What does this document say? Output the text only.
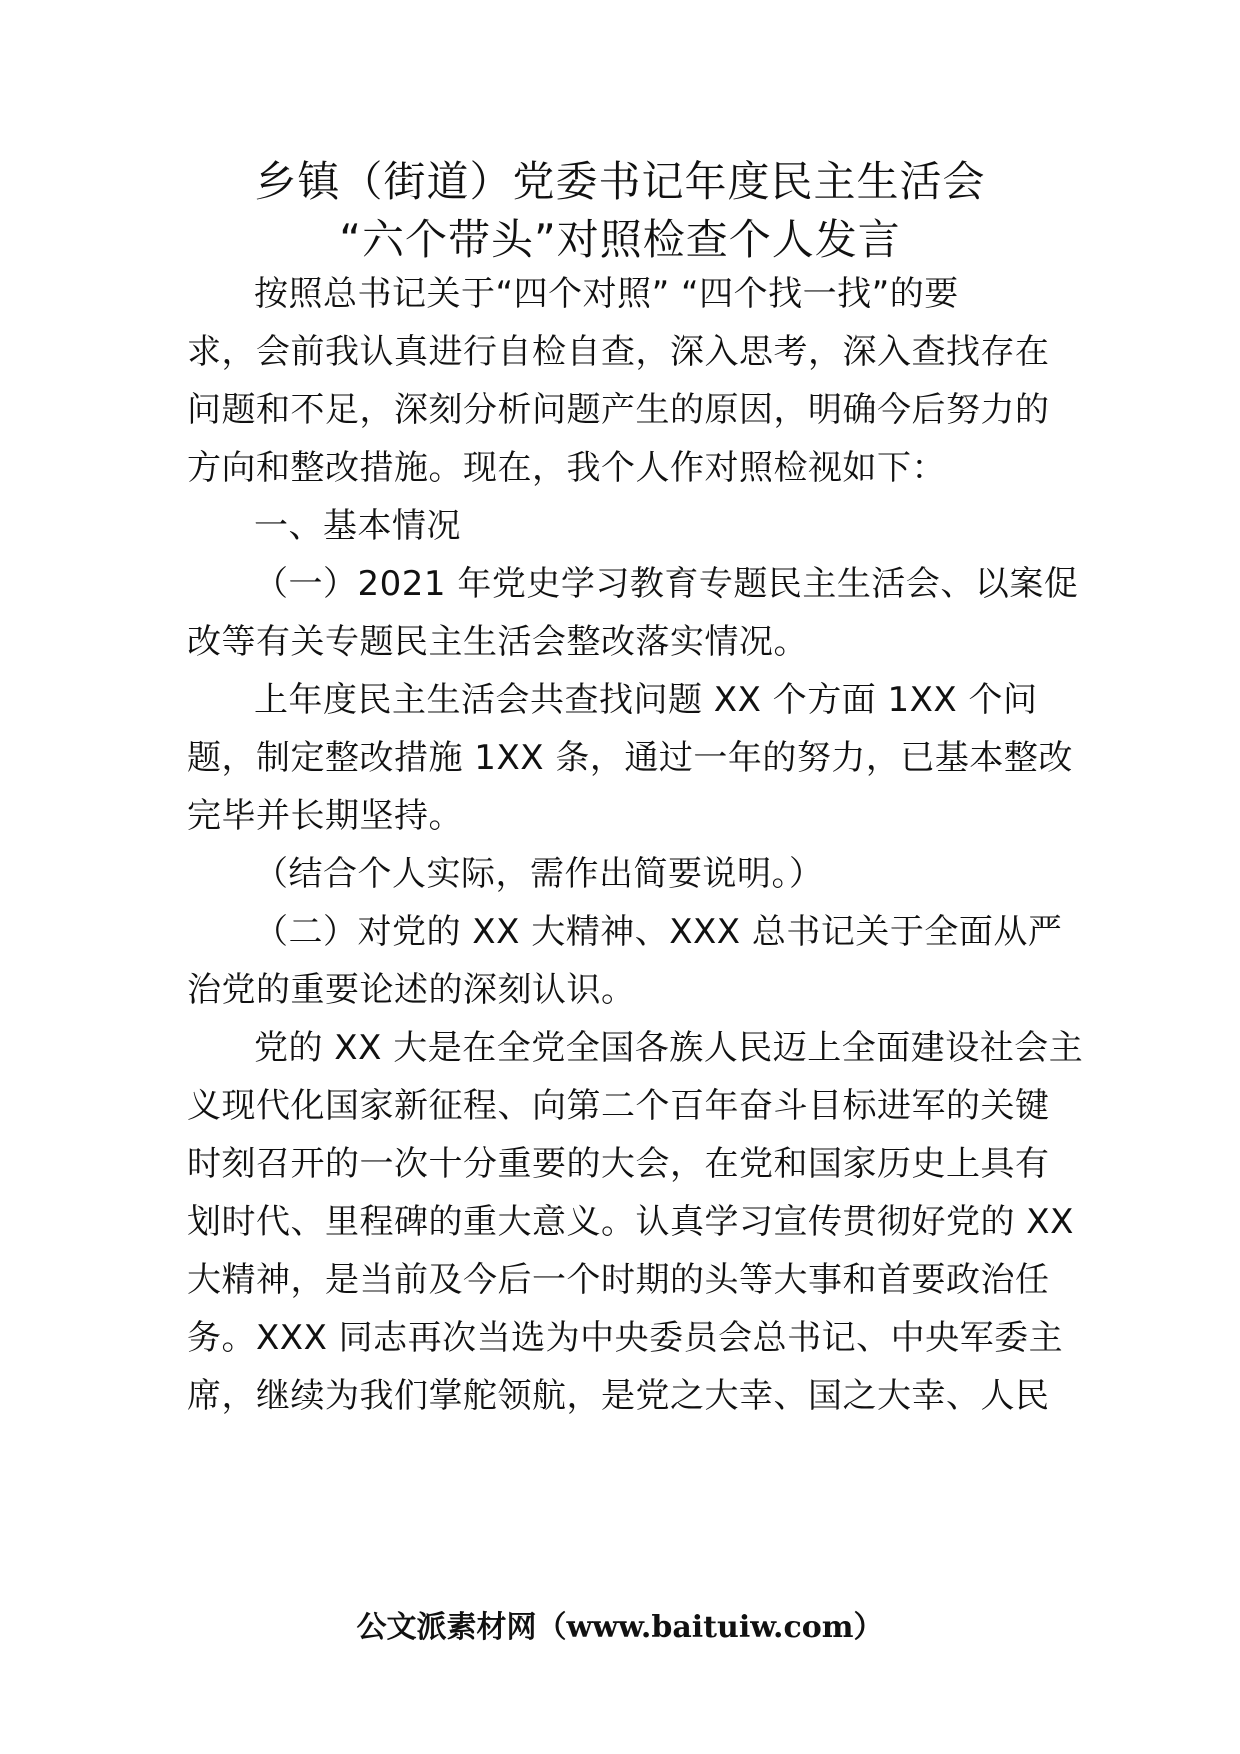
乡镇（街道）党委书记年度民主生活会
“六个带头”对照检查个人发言
按照总书记关于“四个对照” “四个找一找”的要
求，会前我认真进行自检自查，深入思考，深入查找存在
问题和不足，深刻分析问题产生的原因，明确今后努力的
方向和整改措施。现在，我个人作对照检视如下：
一、基本情况
（一）2021 年党史学习教育专题民主生活会、以案促
改等有关专题民主生活会整改落实情况。
上年度民主生活会共查找问题 XX 个方面 1XX 个问
题，制定整改措施 1XX 条，通过一年的努力，已基本整改
完毕并长期坚持。
（结合个人实际，需作出简要说明。）
（二）对党的 XX 大精神、XXX 总书记关于全面从严
治党的重要论述的深刻认识。
党的 XX 大是在全党全国各族人民迈上全面建设社会主
义现代化国家新征程、向第二个百年奋斗目标进军的关键
时刻召开的一次十分重要的大会，在党和国家历史上具有
划时代、里程碑的重大意义。认真学习宣传贯彻好党的 XX
大精神，是当前及今后一个时期的头等大事和首要政治任
务。XXX 同志再次当选为中央委员会总书记、中央军委主
席，继续为我们掌舵领航，是党之大幸、国之大幸、人民
公文派素材网（www.baituiw.com）
